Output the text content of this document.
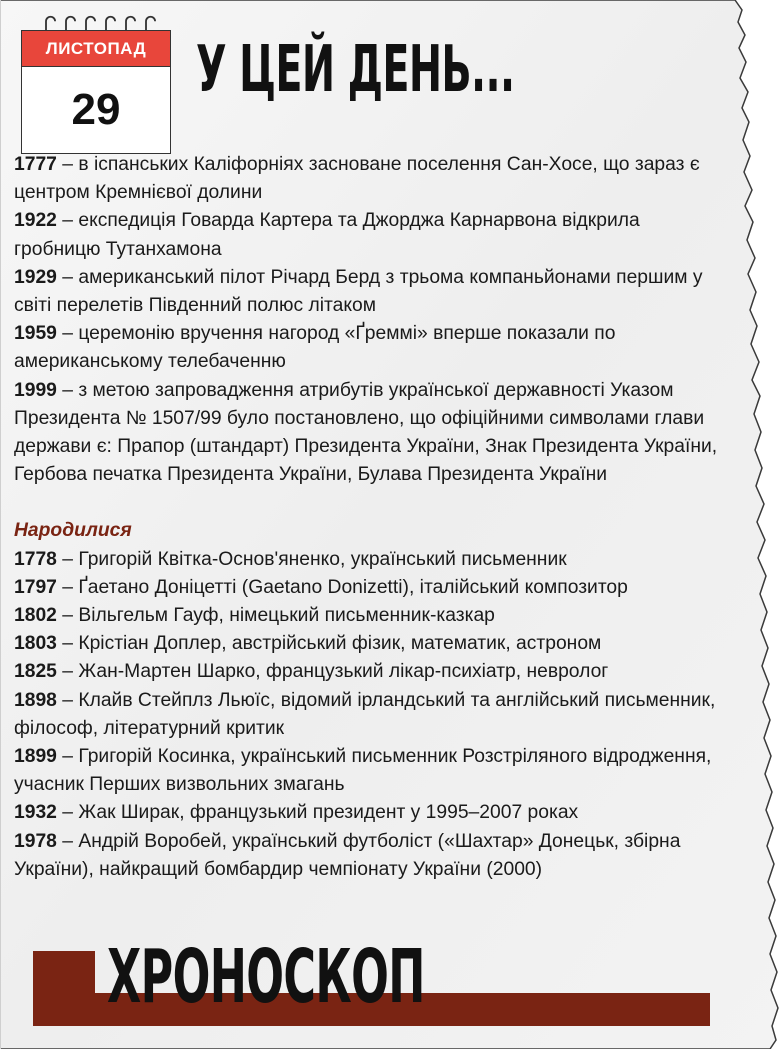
ЛИСТОПАД
29
У ЦЕЙ ДЕНЬ...
1777 – в іспанських Каліфорніях засноване поселення Сан-Хосе, що зараз є центром Кремнієвої долини
1922 – експедиція Говарда Картера та Джорджа Карнарвона відкрила гробницю Тутанхамона
1929 – американський пілот Річард Берд з трьома компаньйонами першим у світі перелетів Південний полюс літаком
1959 – церемонію вручення нагород «Ґреммі» вперше показали по американському телебаченню
1999 – з метою запровадження атрибутів української державності Указом Президента № 1507/99 було постановлено, що офіційними символами глави держави є: Прапор (штандарт) Президента України, Знак Президента України, Гербова печатка Президента України, Булава Президента України
Народилися
1778 – Григорій Квітка-Основ'яненко, український письменник
1797 – Ґаетано Доніцетті (Gaetano Donizetti), італійський композитор
1802 – Вільгельм Гауф, німецький письменник-казкар
1803 – Крістіан Доплер, австрійський фізик, математик, астроном
1825 – Жан-Мартен Шарко, французький лікар-психіатр, невролог
1898 – Клайв Стейплз Льюїс, відомий ірландський та англійський письменник, філософ, літературний критик
1899 – Григорій Косинка, український письменник Розстріляного відродження, учасник Перших визвольних змагань
1932 – Жак Ширак, французький президент у 1995–2007 роках
1978 – Андрій Воробей, український футболіст («Шахтар» Донецьк, збірна України), найкращий бомбардир чемпіонату України (2000)
ХРОНОСКОП
